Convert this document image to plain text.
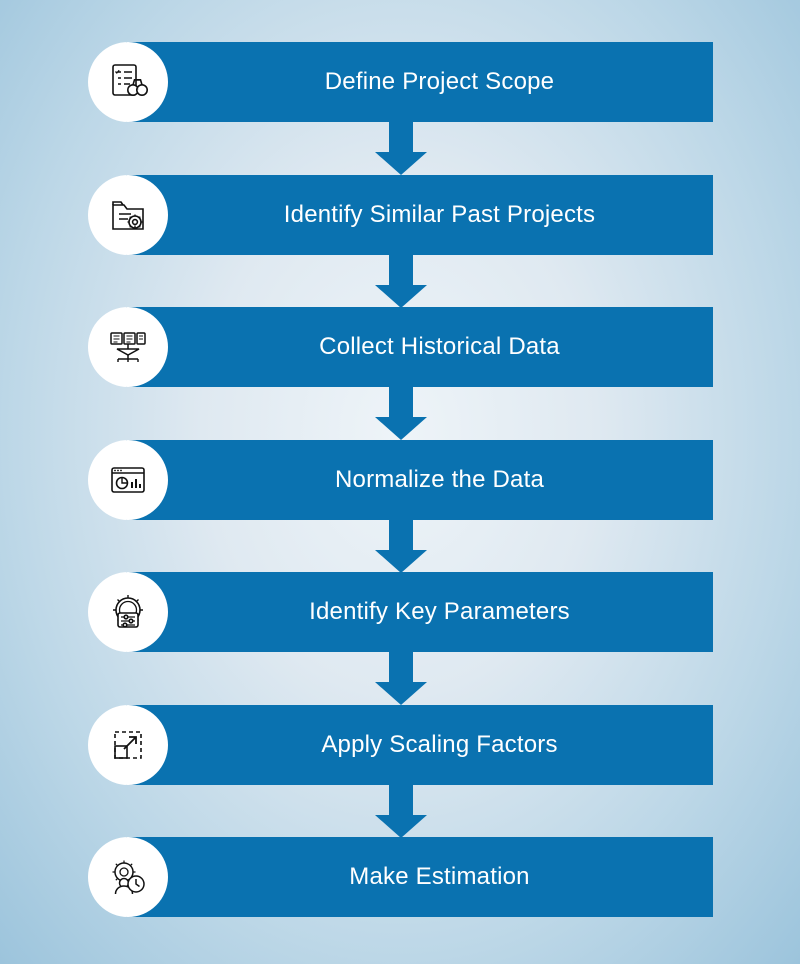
Define Project Scope
Identify Similar Past Projects
Collect Historical Data
Normalize the Data
Identify Key Parameters
Apply Scaling Factors
Make Estimation
